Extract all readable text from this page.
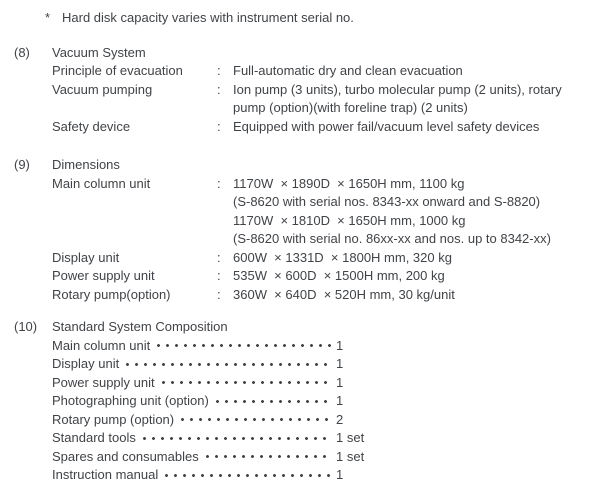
* Hard disk capacity varies with instrument serial no.
(8)	Vacuum System
Principle of evacuation	: Full-automatic dry and clean evacuation
Vacuum pumping	: Ion pump (3 units), turbo molecular pump (2 units), rotary
pump (option)(with foreline trap) (2 units)
Safety device	: Equipped with power fail/vacuum level safety devices
(9)	Dimensions
Main column unit	: 1170W  × 1890D  × 1650H mm, 1100 kg
(S-8620 with serial nos. 8343-xx onward and S-8820)
1170W  × 1810D  × 1650H mm, 1000 kg
(S-8620 with serial no. 86xx-xx and nos. up to 8342-xx)
Display unit	: 600W  × 1331D  × 1800H mm, 320 kg
Power supply unit	: 535W  × 600D  × 1500H mm, 200 kg
Rotary pump(option)	: 360W  × 640D  × 520H mm, 30 kg/unit
(10)	Standard System Composition
Main column unit	1
Display unit	1
Power supply unit	1
Photographing unit (option)	1
Rotary pump (option)	2
Standard tools	1 set
Spares and consumables	1 set
Instruction manual	1
